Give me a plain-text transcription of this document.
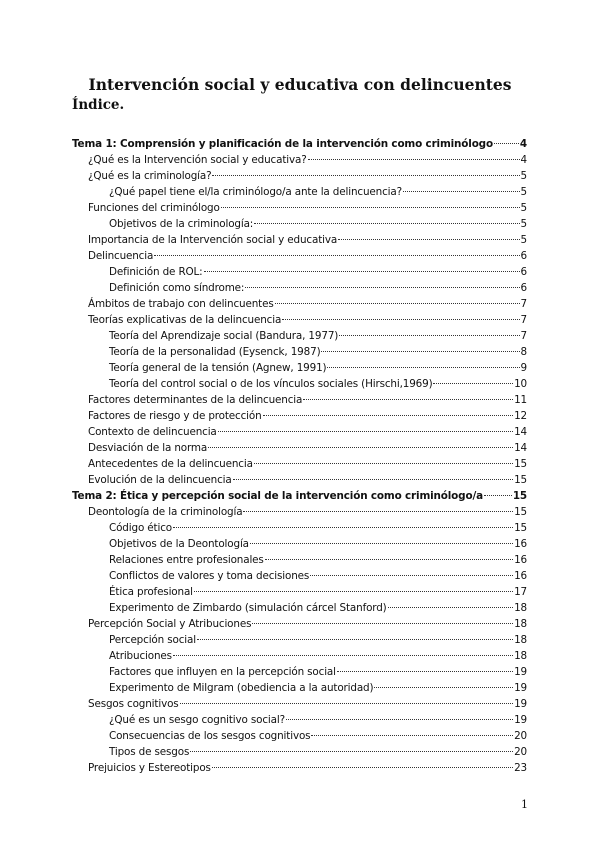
Intervención social y educativa con delincuentes
Índice.
Tema 1: Comprensión y planificación de la intervención como criminólogo	4
¿Qué es la Intervención social y educativa?	4
¿Qué es la criminología?	5
¿Qué papel tiene el/la criminólogo/a ante la delincuencia?	5
Funciones del criminólogo	5
Objetivos de la criminología:	5
Importancia de la Intervención social y educativa	5
Delincuencia	6
Definición de ROL:	6
Definición como síndrome:	6
Ámbitos de trabajo con delincuentes	7
Teorías explicativas de la delincuencia	7
Teoría del Aprendizaje social (Bandura, 1977)	7
Teoría de la personalidad (Eysenck, 1987)	8
Teoría general de la tensión (Agnew, 1991)	9
Teoría del control social o de los vínculos sociales (Hirschi,1969)	10
Factores determinantes de la delincuencia	11
Factores de riesgo y de protección	12
Contexto de delincuencia	14
Desviación de la norma	14
Antecedentes de la delincuencia	15
Evolución de la delincuencia	15
Tema 2: Ética y percepción social de la intervención como criminólogo/a	15
Deontología de la criminología	15
Código ético	15
Objetivos de la Deontología	16
Relaciones entre profesionales	16
Conflictos de valores y toma decisiones	16
Ética profesional	17
Experimento de Zimbardo (simulación cárcel Stanford)	18
Percepción Social y Atribuciones	18
Percepción social	18
Atribuciones	18
Factores que influyen en la percepción social	19
Experimento de Milgram (obediencia a la autoridad)	19
Sesgos cognitivos	19
¿Qué es un sesgo cognitivo social?	19
Consecuencias de los sesgos cognitivos	20
Tipos de sesgos	20
Prejuicios y Estereotipos	23
1
